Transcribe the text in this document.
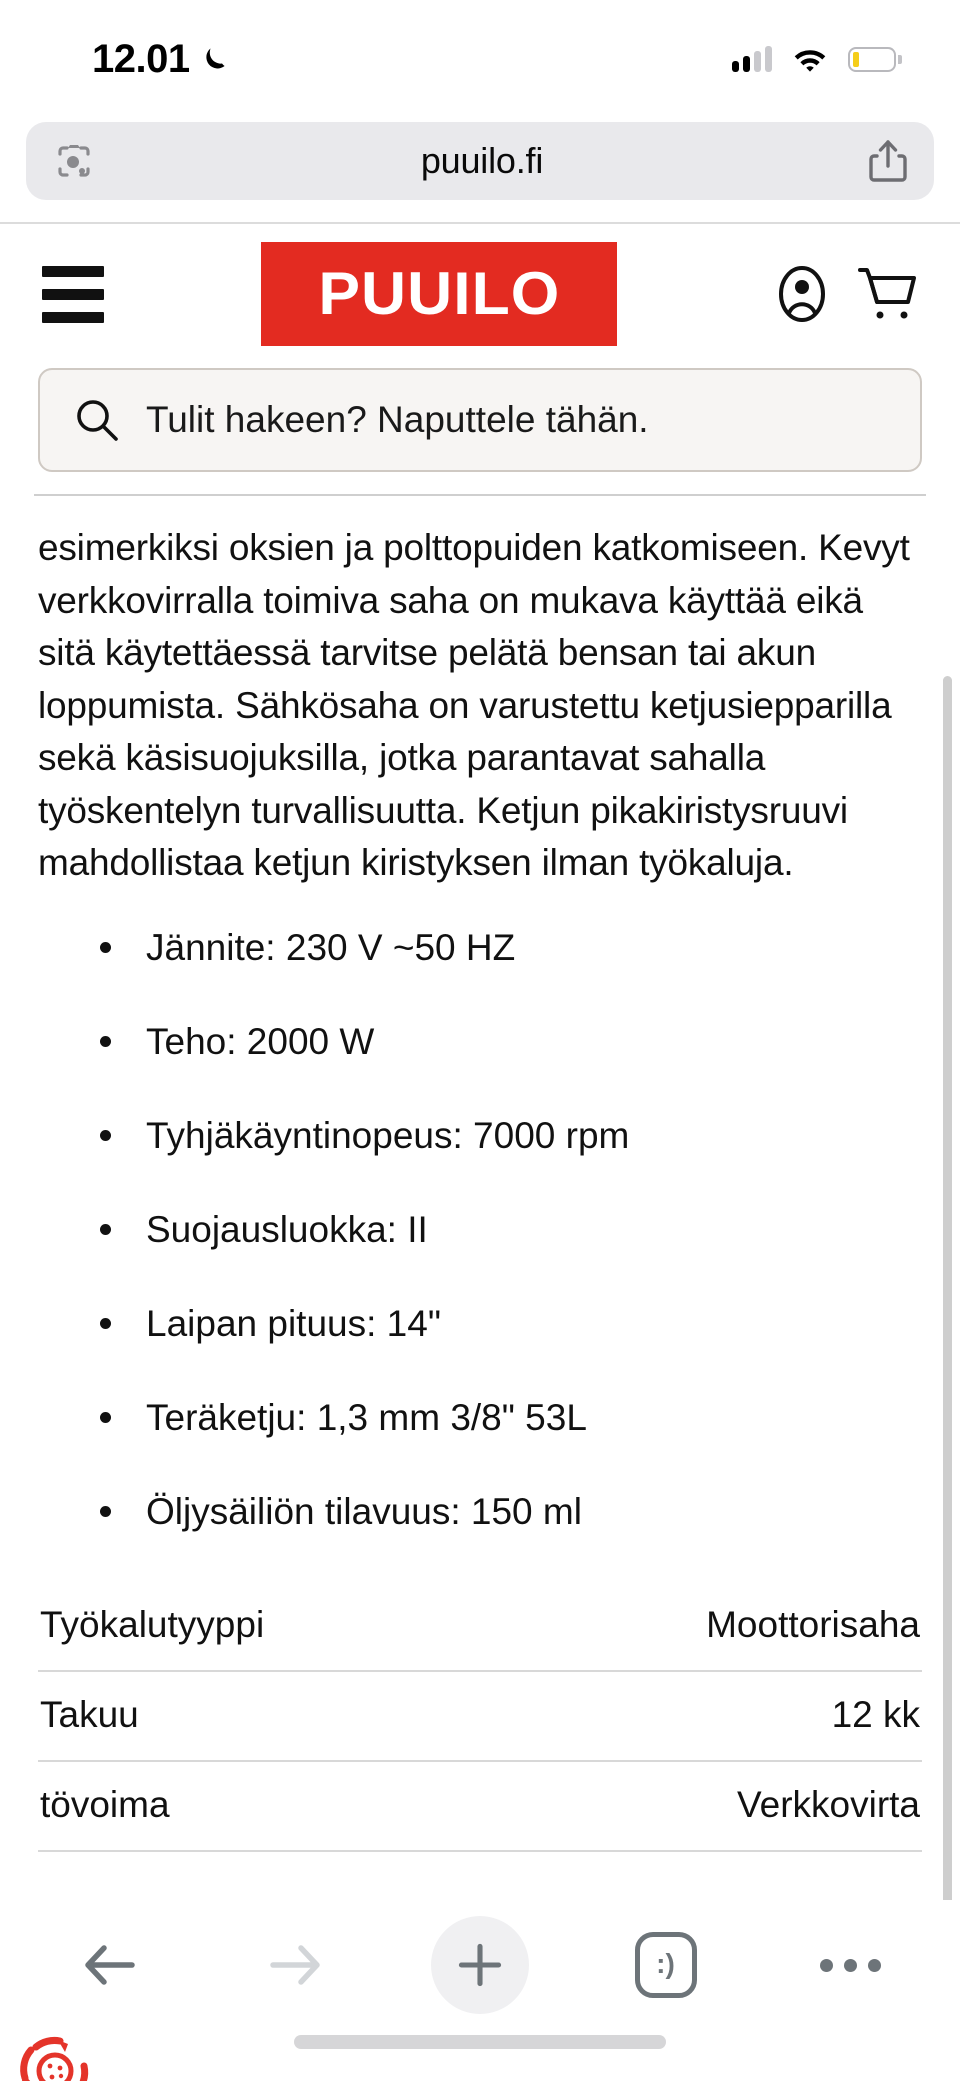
12.01
puuilo.fi
PUUILO
Tulit hakeen? Naputtele tähän.

esimerkiksi oksien ja polttopuiden katkomiseen. Kevyt verkkovirralla toimiva saha on mukava käyttää eikä sitä käytettäessä tarvitse pelätä bensan tai akun loppumista. Sähkösaha on varustettu ketjusiepparilla sekä käsisuojuksilla, jotka parantavat sahalla työskentelyn turvallisuutta. Ketjun pikakiristysruuvi mahdollistaa ketjun kiristyksen ilman työkaluja.

Jännite: 230 V ~50 HZ
Teho: 2000 W
Tyhjäkäyntinopeus: 7000 rpm
Suojausluokka: II
Laipan pituus: 14"
Teräketju: 1,3 mm 3/8" 53L
Öljysäiliön tilavuus: 150 ml
Työkalutyyppi	Moottorisaha
Takuu	12 kk
tövoima	Verkkovirta
:)
